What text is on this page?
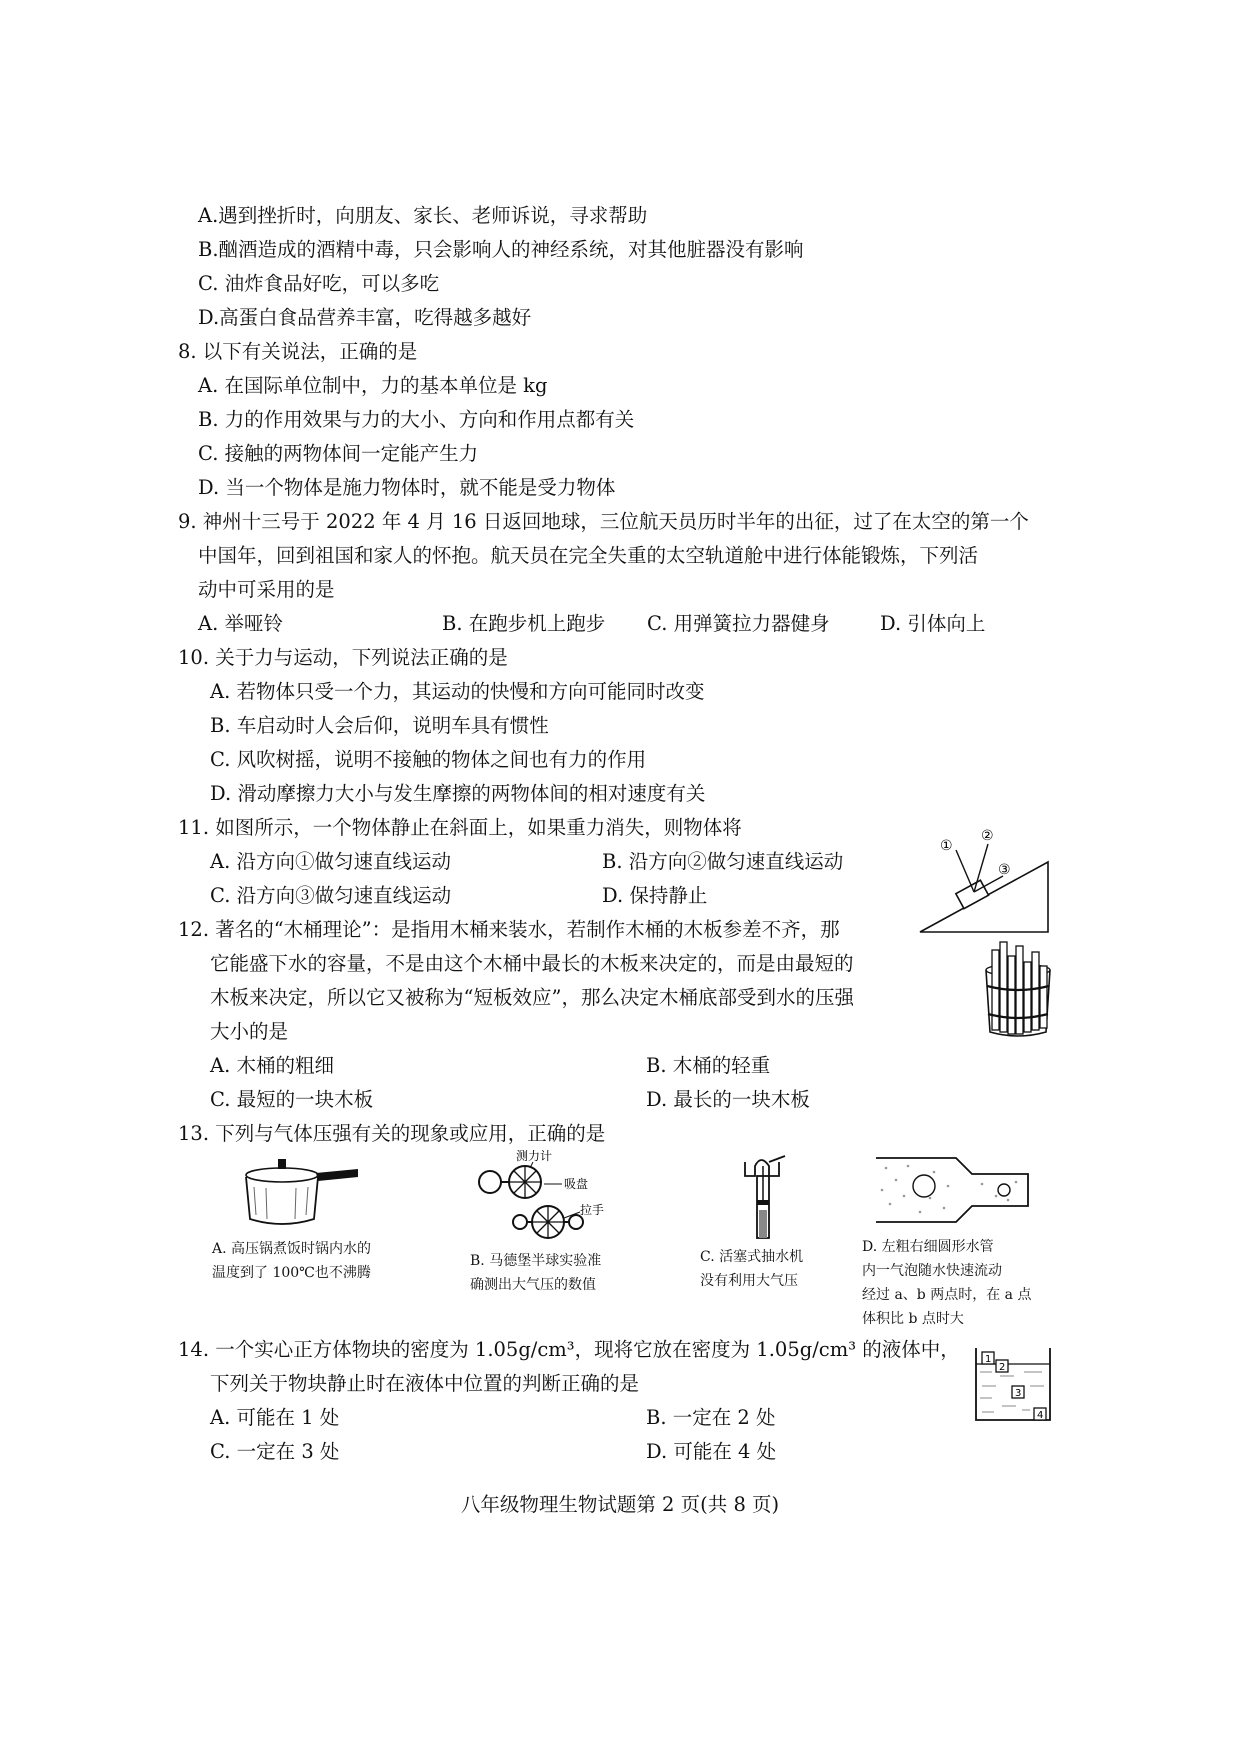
A.遇到挫折时，向朋友、家长、老师诉说，寻求帮助
B.酗酒造成的酒精中毒，只会影响人的神经系统，对其他脏器没有影响
C. 油炸食品好吃，可以多吃
D.高蛋白食品营养丰富，吃得越多越好
8. 以下有关说法，正确的是
A. 在国际单位制中，力的基本单位是 kg
B. 力的作用效果与力的大小、方向和作用点都有关
C. 接触的两物体间一定能产生力
D. 当一个物体是施力物体时，就不能是受力物体
9. 神州十三号于 2022 年 4 月 16 日返回地球，三位航天员历时半年的出征，过了在太空的第一个
中国年，回到祖国和家人的怀抱。航天员在完全失重的太空轨道舱中进行体能锻炼，下列活
动中可采用的是
A. 举哑铃	B. 在跑步机上跑步 C. 用弹簧拉力器健身	D. 引体向上
10. 关于力与运动，下列说法正确的是
A. 若物体只受一个力，其运动的快慢和方向可能同时改变
B. 车启动时人会后仰，说明车具有惯性
C. 风吹树摇，说明不接触的物体之间也有力的作用
D. 滑动摩擦力大小与发生摩擦的两物体间的相对速度有关
11. 如图所示，一个物体静止在斜面上，如果重力消失，则物体将
A. 沿方向①做匀速直线运动	B. 沿方向②做匀速直线运动
C. 沿方向③做匀速直线运动	D. 保持静止
①
②
③
12. 著名的“木桶理论”：是指用木桶来装水，若制作木桶的木板参差不齐，那
它能盛下水的容量，不是由这个木桶中最长的木板来决定的，而是由最短的
木板来决定，所以它又被称为“短板效应”，那么决定木桶底部受到水的压强
大小的是
A. 木桶的粗细	B. 木桶的轻重
C. 最短的一块木板	D. 最长的一块木板
13. 下列与气体压强有关的现象或应用，正确的是
A. 高压锅煮饭时锅内水的
温度到了 100℃也不沸腾
测力计
吸盘
拉手
B. 马德堡半球实验准
确测出大气压的数值
C. 活塞式抽水机
没有利用大气压
D. 左粗右细圆形水管
内一气泡随水快速流动
经过 a、b 两点时，在 a 点
体积比 b 点时大
14. 一个实心正方体物块的密度为 1.05g/cm³，现将它放在密度为 1.05g/cm³ 的液体中，
下列关于物块静止时在液体中位置的判断正确的是
A. 可能在 1 处	B. 一定在 2 处
C. 一定在 3 处	D. 可能在 4 处
1
2
3
4
八年级物理生物试题第 2 页(共 8 页)
